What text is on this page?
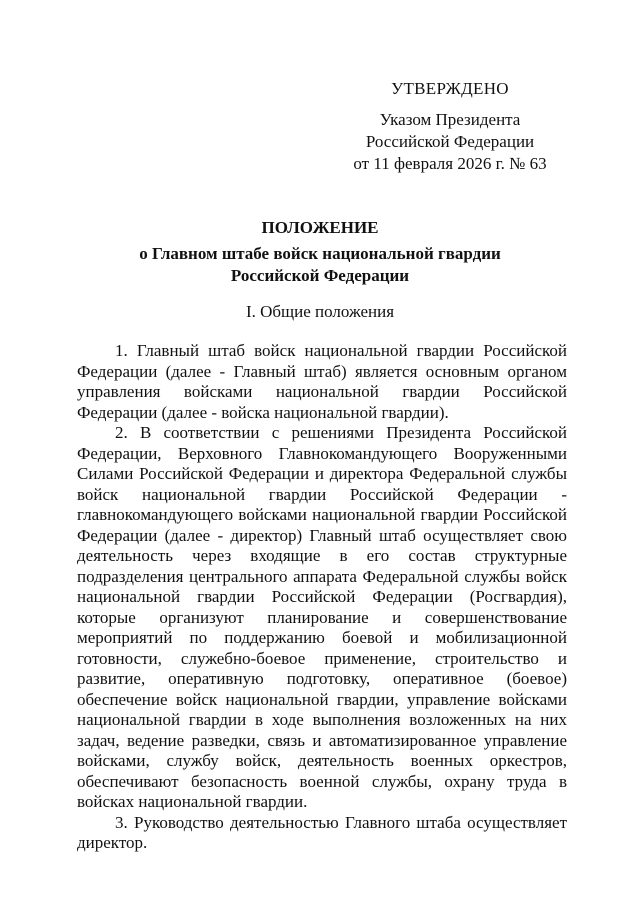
УТВЕРЖДЕНО
Указом Президента
Российской Федерации
от 11 февраля 2026 г. № 63
ПОЛОЖЕНИЕ
о Главном штабе войск национальной гвардии
Российской Федерации
I. Общие положения

1. Главный штаб войск национальной гвардии Российской Федерации (далее - Главный штаб) является основным органом управления войсками национальной гвардии Российской Федерации (далее - войска национальной гвардии).

2. В соответствии с решениями Президента Российской Федерации, Верховного Главнокомандующего Вооруженными Силами Российской Федерации и директора Федеральной службы войск национальной гвардии Российской Федерации - главнокомандующего войсками национальной гвардии Российской Федерации (далее - директор) Главный штаб осуществляет свою деятельность через входящие в его состав структурные подразделения центрального аппарата Федеральной службы войск национальной гвардии Российской Федерации (Росгвардия), которые организуют планирование и совершенствование мероприятий по поддержанию боевой и мобилизационной готовности, служебно-боевое применение, строительство и развитие, оперативную подготовку, оперативное (боевое) обеспечение войск национальной гвардии, управление войсками национальной гвардии в ходе выполнения возложенных на них задач, ведение разведки, связь и автоматизированное управление войсками, службу войск, деятельность военных оркестров, обеспечивают безопасность военной службы, охрану труда в войсках национальной гвардии.

3. Руководство деятельностью Главного штаба осуществляет директор.
